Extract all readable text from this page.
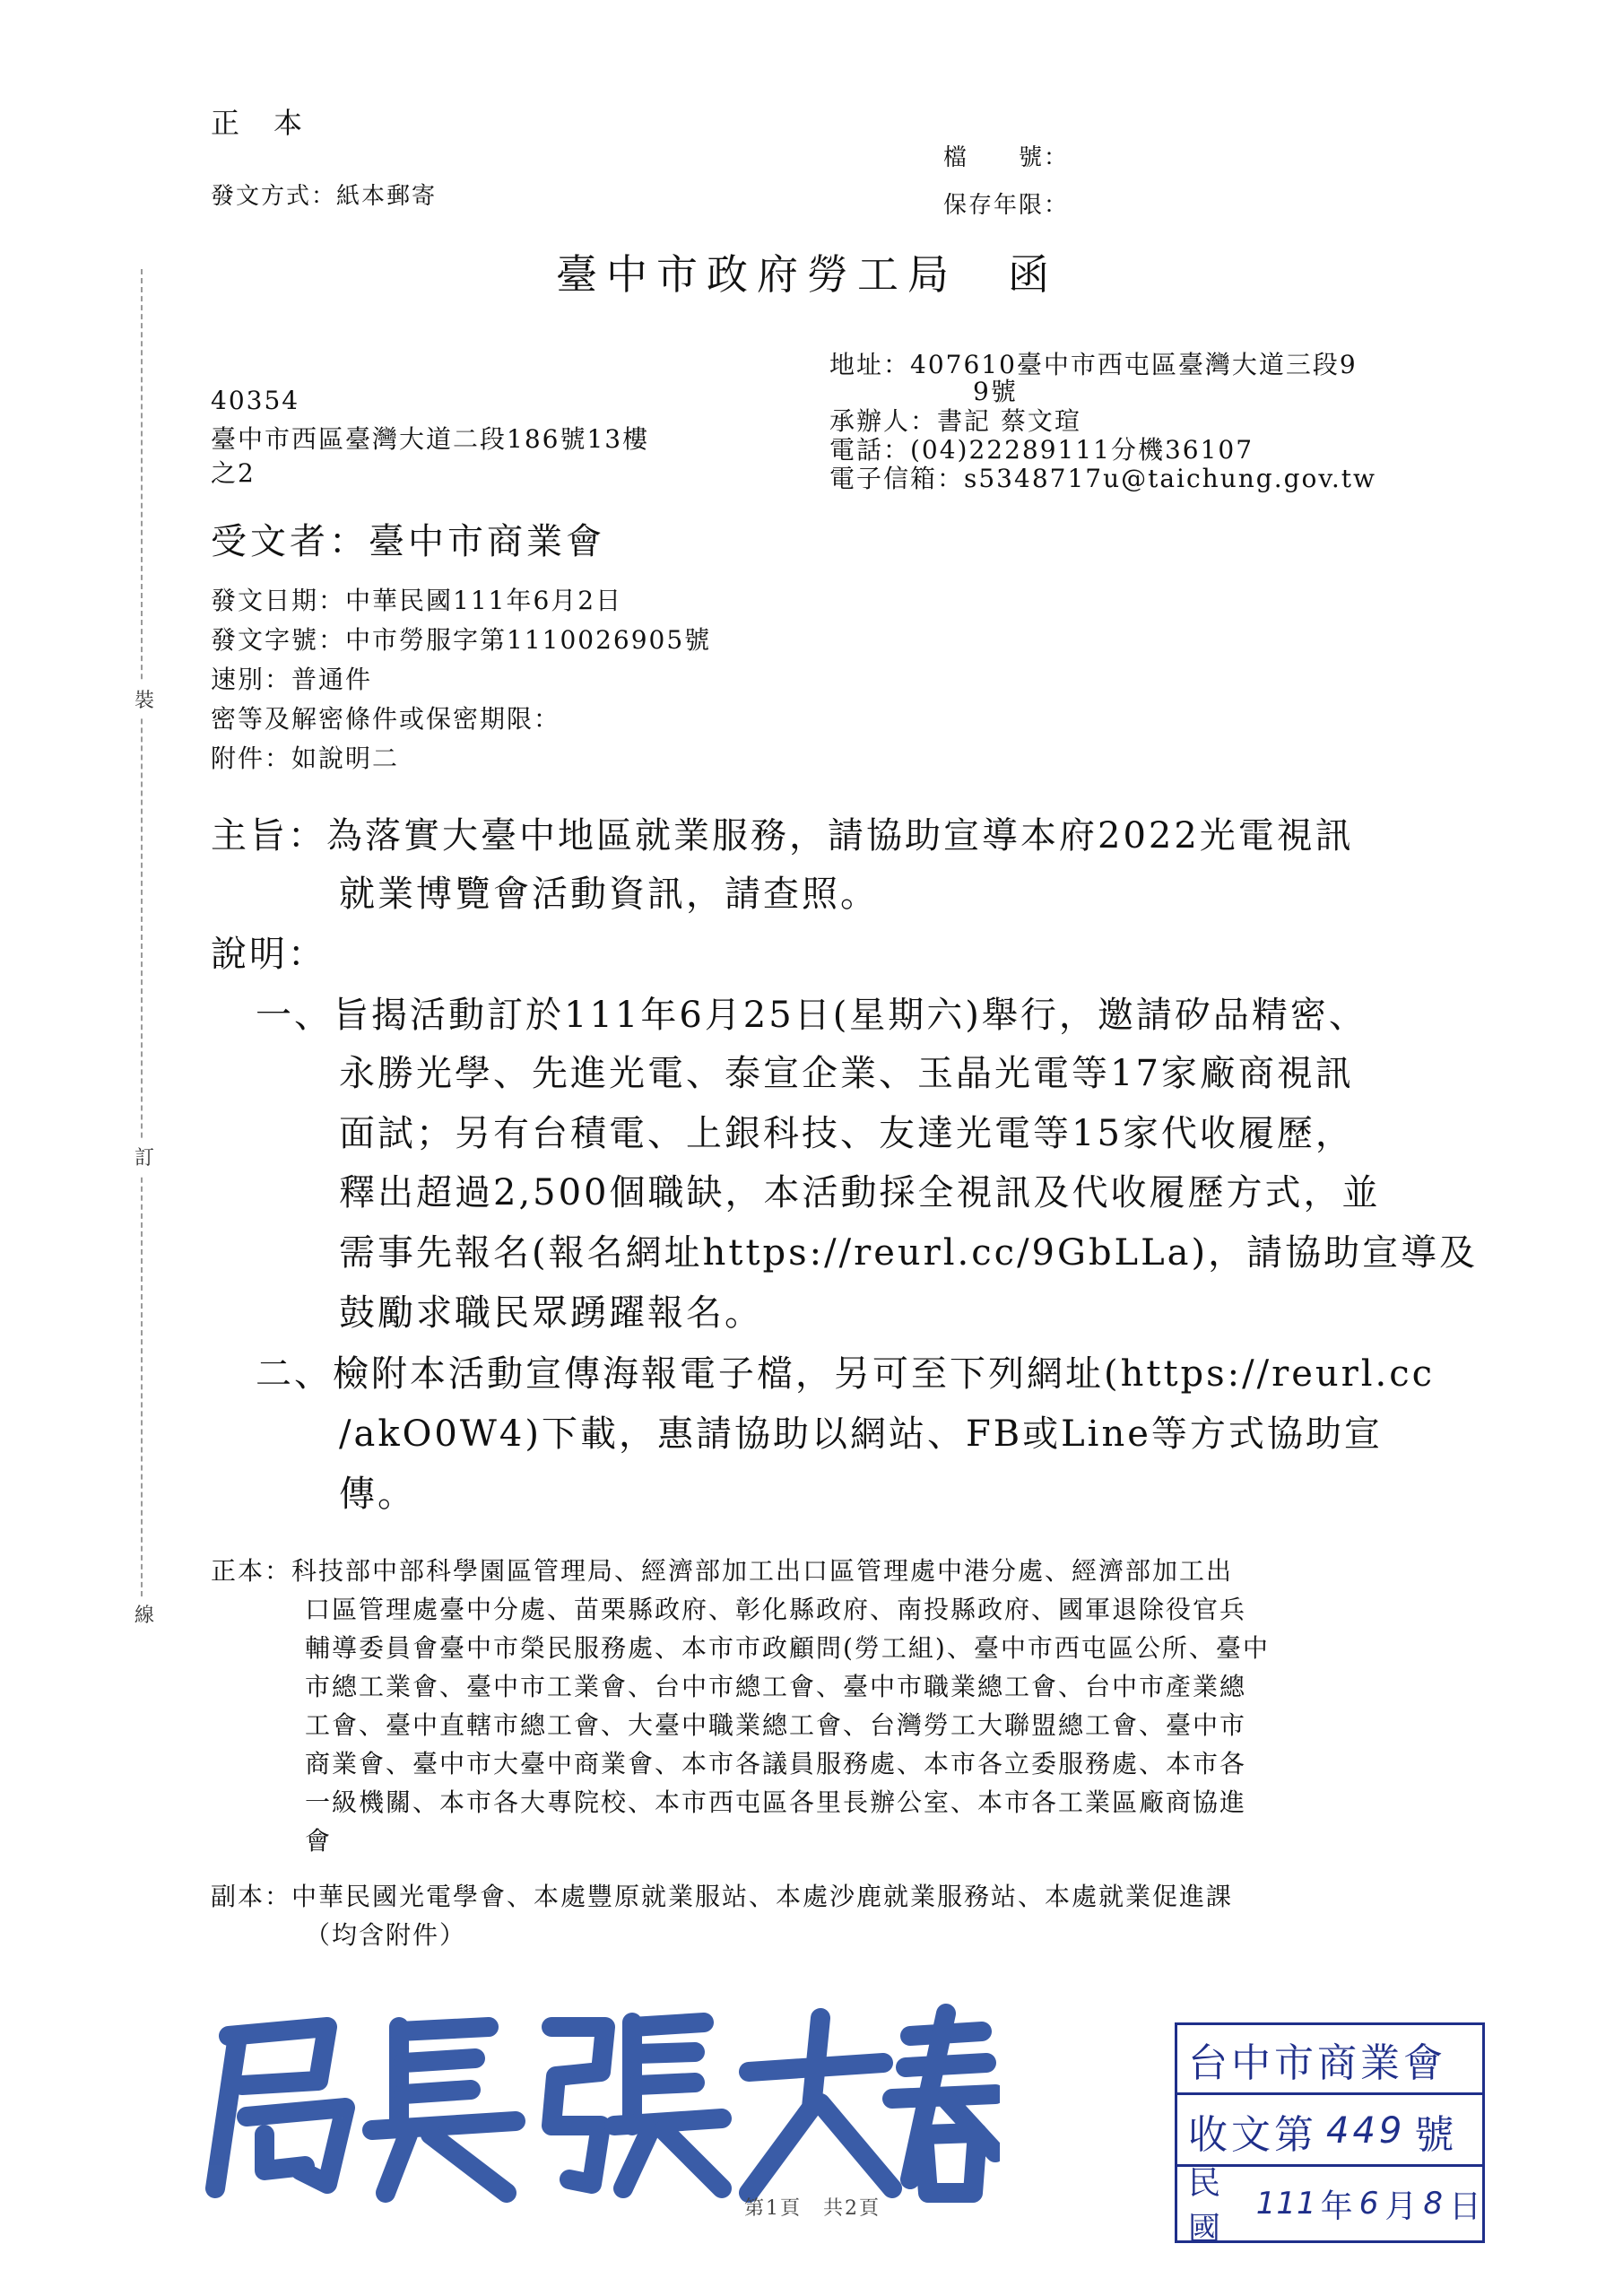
裝
訂
線
正　本
檔　　號：
發文方式：紙本郵寄	保存年限：
臺中市政府勞工局　函
地址：407610臺中市西屯區臺灣大道三段9
9號
承辦人：書記 蔡文瑄
電話：(04)22289111分機36107
電子信箱：s5348717u@taichung.gov.tw
40354
臺中市西區臺灣大道二段186號13樓
之2
受文者：臺中市商業會
發文日期：中華民國111年6月2日
發文字號：中市勞服字第1110026905號
速別：普通件
密等及解密條件或保密期限：
附件：如說明二
主旨：為落實大臺中地區就業服務，請協助宣導本府2022光電視訊
就業博覽會活動資訊，請查照。
說明：
一、旨揭活動訂於111年6月25日(星期六)舉行，邀請矽品精密、
永勝光學、先進光電、泰宣企業、玉晶光電等17家廠商視訊
面試；另有台積電、上銀科技、友達光電等15家代收履歷，
釋出超過2,500個職缺，本活動採全視訊及代收履歷方式，並
需事先報名(報名網址https://reurl.cc/9GbLLa)，請協助宣導及
鼓勵求職民眾踴躍報名。
二、檢附本活動宣傳海報電子檔，另可至下列網址(https://reurl.cc
/akO0W4)下載，惠請協助以網站、FB或Line等方式協助宣
傳。
正本：科技部中部科學園區管理局、經濟部加工出口區管理處中港分處、經濟部加工出
口區管理處臺中分處、苗栗縣政府、彰化縣政府、南投縣政府、國軍退除役官兵
輔導委員會臺中市榮民服務處、本市市政顧問(勞工組)、臺中市西屯區公所、臺中
市總工業會、臺中市工業會、台中市總工會、臺中市職業總工會、台中市產業總
工會、臺中直轄市總工會、大臺中職業總工會、台灣勞工大聯盟總工會、臺中市
商業會、臺中市大臺中商業會、本市各議員服務處、本市各立委服務處、本市各
一級機關、本市各大專院校、本市西屯區各里長辦公室、本市各工業區廠商協進
會
副本：中華民國光電學會、本處豐原就業服站、本處沙鹿就業服務站、本處就業促進課
（均含附件）
第1頁　共2頁
台中市商業會
收文第 449 號
民國
111 年 6 月 8 日
